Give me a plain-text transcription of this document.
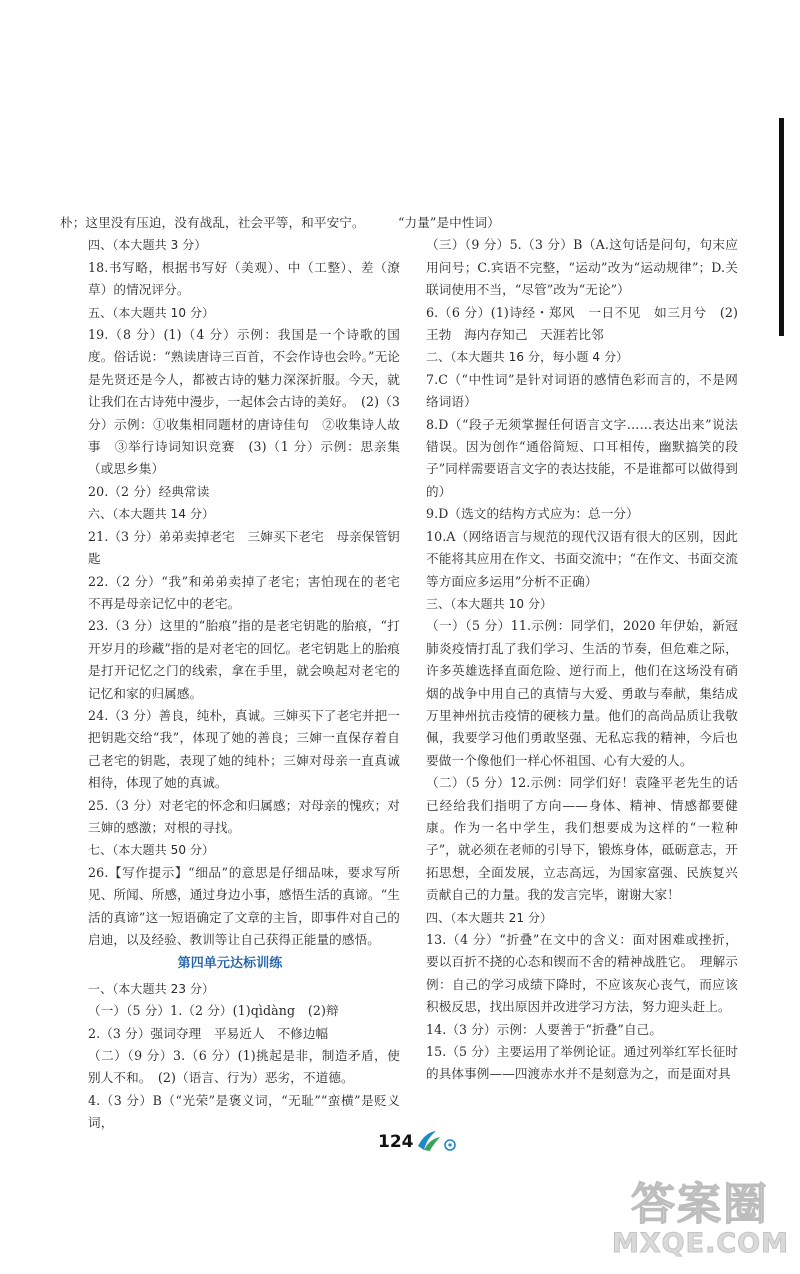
朴；这里没有压迫，没有战乱，社会平等，和平安宁。

四、（本大题共 3 分）

18.书写略，根据书写好（美观）、中（工整）、差（潦草）的情况评分。

五、（本大题共 10 分）

19.（8 分）(1)（4 分）示例：我国是一个诗歌的国度。俗话说：“熟读唐诗三百首，不会作诗也会吟。”无论是先贤还是今人，都被古诗的魅力深深折服。今天，就让我们在古诗苑中漫步，一起体会古诗的美好。　(2)（3 分）示例：①收集相同题材的唐诗佳句　②收集诗人故事　③举行诗词知识竞赛　(3)（1 分）示例：思亲集（或思乡集）

20.（2 分）经典常读

六、（本大题共 14 分）

21.（3 分）弟弟卖掉老宅　三婶买下老宅　母亲保管钥匙

22.（2 分）“我”和弟弟卖掉了老宅；害怕现在的老宅不再是母亲记忆中的老宅。

23.（3 分）这里的“胎痕”指的是老宅钥匙的胎痕，“打开岁月的珍藏”指的是对老宅的回忆。老宅钥匙上的胎痕是打开记忆之门的线索，拿在手里，就会唤起对老宅的记忆和家的归属感。

24.（3 分）善良，纯朴，真诚。三婶买下了老宅并把一把钥匙交给“我”，体现了她的善良；三婶一直保存着自己老宅的钥匙，表现了她的纯朴；三婶对母亲一直真诚相待，体现了她的真诚。

25.（3 分）对老宅的怀念和归属感；对母亲的愧疚；对三婶的感激；对根的寻找。

七、（本大题共 50 分）

26.【写作提示】“细品”的意思是仔细品味，要求写所见、所闻、所感，通过身边小事，感悟生活的真谛。“生活的真谛”这一短语确定了文章的主旨，即事件对自己的启迪，以及经验、教训等让自己获得正能量的感悟。

第四单元达标训练

一、（本大题共 23 分）

（一）（5 分）1.（2 分）(1)qìdàng　(2)辩

2.（3 分）强词夺理　平易近人　不修边幅

（二）（9 分）3.（6 分）(1)挑起是非，制造矛盾，使别人不和。　(2)（语言、行为）恶劣，不道德。

4.（3 分）B（“光荣”是褒义词，“无耻”“蛮横”是贬义词，

“力量”是中性词）

（三）（9 分）5.（3 分）B（A.这句话是问句，句末应用问号；C.宾语不完整，“运动”改为“运动规律”；D.关联词使用不当，“尽管”改为“无论”）

6.（6 分）(1)诗经・郑风　一日不见　如三月兮　(2)王勃　海内存知己　天涯若比邻

二、（本大题共 16 分，每小题 4 分）

7.C（“中性词”是针对词语的感情色彩而言的，不是网络词语）

8.D（“段子无须掌握任何语言文字……表达出来”说法错误。因为创作“通俗简短、口耳相传，幽默搞笑的段子”同样需要语言文字的表达技能，不是谁都可以做得到的）

9.D（选文的结构方式应为：总一分）

10.A（网络语言与规范的现代汉语有很大的区别，因此不能将其应用在作文、书面交流中；“在作文、书面交流等方面应多运用”分析不正确）

三、（本大题共 10 分）

（一）（5 分）11.示例：同学们，2020 年伊始，新冠肺炎疫情打乱了我们学习、生活的节奏，但危难之际，许多英雄选择直面危险、逆行而上，他们在这场没有硝烟的战争中用自己的真情与大爱、勇敢与奉献，集结成万里神州抗击疫情的硬核力量。他们的高尚品质让我敬佩，我要学习他们勇敢坚强、无私忘我的精神，今后也要做一个像他们一样心怀祖国、心有大爱的人。

（二）（5 分）12.示例：同学们好！袁隆平老先生的话已经给我们指明了方向——身体、精神、情感都要健康。作为一名中学生，我们想要成为这样的“一粒种子”，就必须在老师的引导下，锻炼身体，砥砺意志，开拓思想，全面发展，立志高远，为国家富强、民族复兴贡献自己的力量。我的发言完毕，谢谢大家！

四、（本大题共 21 分）

13.（4 分）“折叠”在文中的含义：面对困难或挫折，要以百折不挠的心态和锲而不舍的精神战胜它。　理解示例：自己的学习成绩下降时，不应该灰心丧气，而应该积极反思，找出原因并改进学习方法，努力迎头赶上。

14.（3 分）示例：人要善于“折叠”自己。

15.（5 分）主要运用了举例论证。通过列举红军长征时的具体事例——四渡赤水并不是刻意为之，而是面对具

124
答案圈
MXQE.COM
